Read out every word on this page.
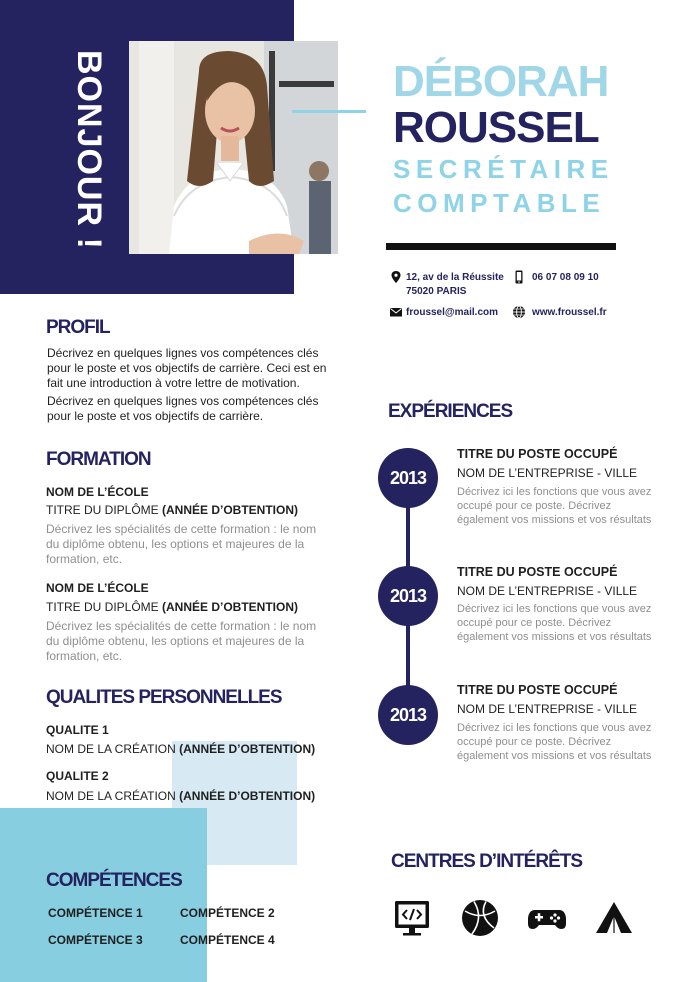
BONJOUR !	DÉBORAH
ROUSSEL
SECRÉTAIRE
COMPTABLE
12, av de la Réussite
75020 PARIS
06 07 08 09 10
froussel@mail.com	www.froussel.fr
PROFIL
Décrivez en quelques lignes vos compétences clés pour le poste et vos objectifs de carrière. Ceci est en fait une introduction à votre lettre de motivation.
Décrivez en quelques lignes vos compétences clés pour le poste et vos objectifs de carrière.
FORMATION
NOM DE L’ÉCOLE
TITRE DU DIPLÔME (ANNÉE D’OBTENTION)
Décrivez les spécialités de cette formation : le nom du diplôme obtenu, les options et majeures de la formation, etc.
NOM DE L’ÉCOLE
TITRE DU DIPLÔME (ANNÉE D’OBTENTION)
Décrivez les spécialités de cette formation : le nom du diplôme obtenu, les options et majeures de la formation, etc.
QUALITES PERSONNELLES
QUALITE 1
NOM DE LA CRÉATION (ANNÉE D’OBTENTION)
QUALITE 2
NOM DE LA CRÉATION (ANNÉE D’OBTENTION)
COMPÉTENCES
COMPÉTENCE 1	COMPÉTENCE 2
COMPÉTENCE 3	COMPÉTENCE 4
EXPÉRIENCES
2013
TITRE DU POSTE OCCUPÉ
NOM DE L’ENTREPRISE - VILLE
Décrivez ici les fonctions que vous avez occupé pour ce poste. Décrivez également vos missions et vos résultats
2013
TITRE DU POSTE OCCUPÉ
NOM DE L’ENTREPRISE - VILLE
Décrivez ici les fonctions que vous avez occupé pour ce poste. Décrivez également vos missions et vos résultats
2013
TITRE DU POSTE OCCUPÉ
NOM DE L’ENTREPRISE - VILLE
Décrivez ici les fonctions que vous avez occupé pour ce poste. Décrivez également vos missions et vos résultats
CENTRES D’INTÉRÊTS
